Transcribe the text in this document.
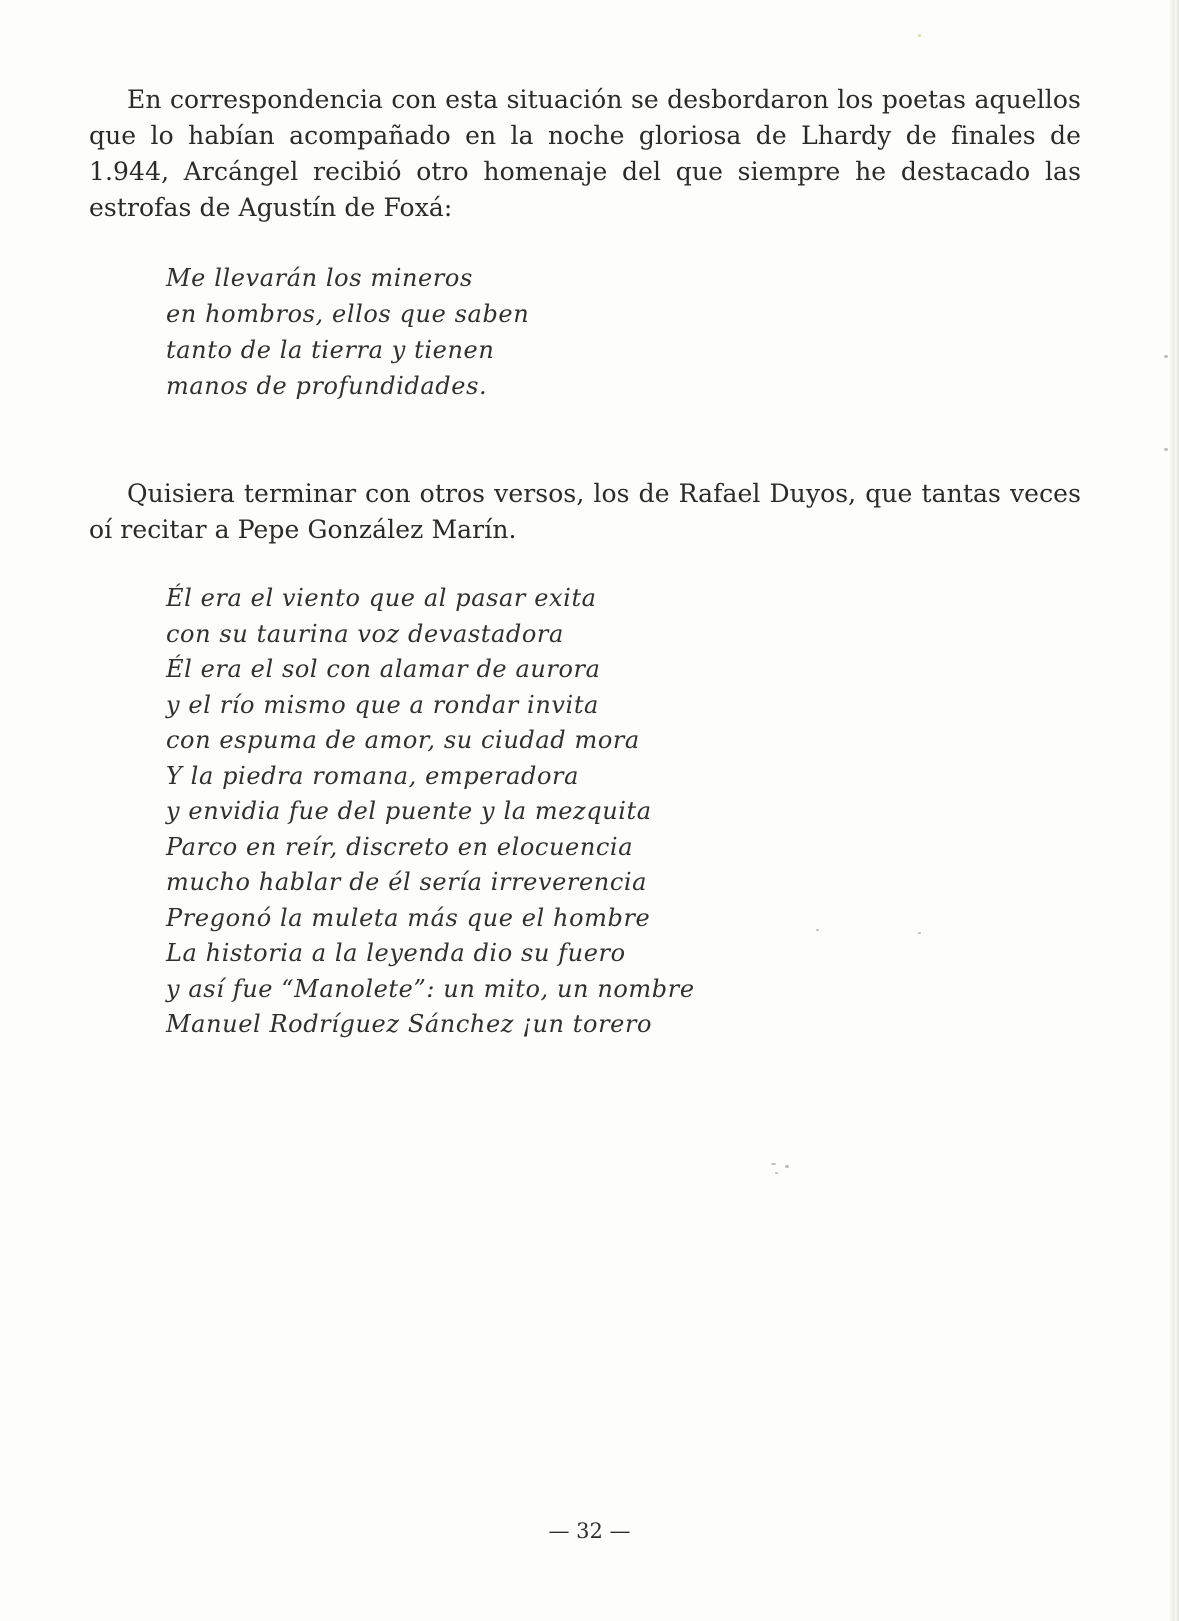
En correspondencia con esta situación se desbordaron los poetas aquellos que lo habían acompañado en la noche gloriosa de Lhardy de finales de 1.944, Arcángel recibió otro homenaje del que siempre he destacado las estrofas de Agustín de Foxá:

Me llevarán los mineros
en hombros, ellos que saben
tanto de la tierra y tienen
manos de profundidades.

Quisiera terminar con otros versos, los de Rafael Duyos, que tantas veces oí recitar a Pepe González Marín.

Él era el viento que al pasar exita
con su taurina voz devastadora
Él era el sol con alamar de aurora
y el río mismo que a rondar invita
con espuma de amor, su ciudad mora
Y la piedra romana, emperadora
y envidia fue del puente y la mezquita
Parco en reír, discreto en elocuencia
mucho hablar de él sería irreverencia
Pregonó la muleta más que el hombre
La historia a la leyenda dio su fuero
y así fue “Manolete”: un mito, un nombre
Manuel Rodríguez Sánchez ¡un torero
— 32 —
